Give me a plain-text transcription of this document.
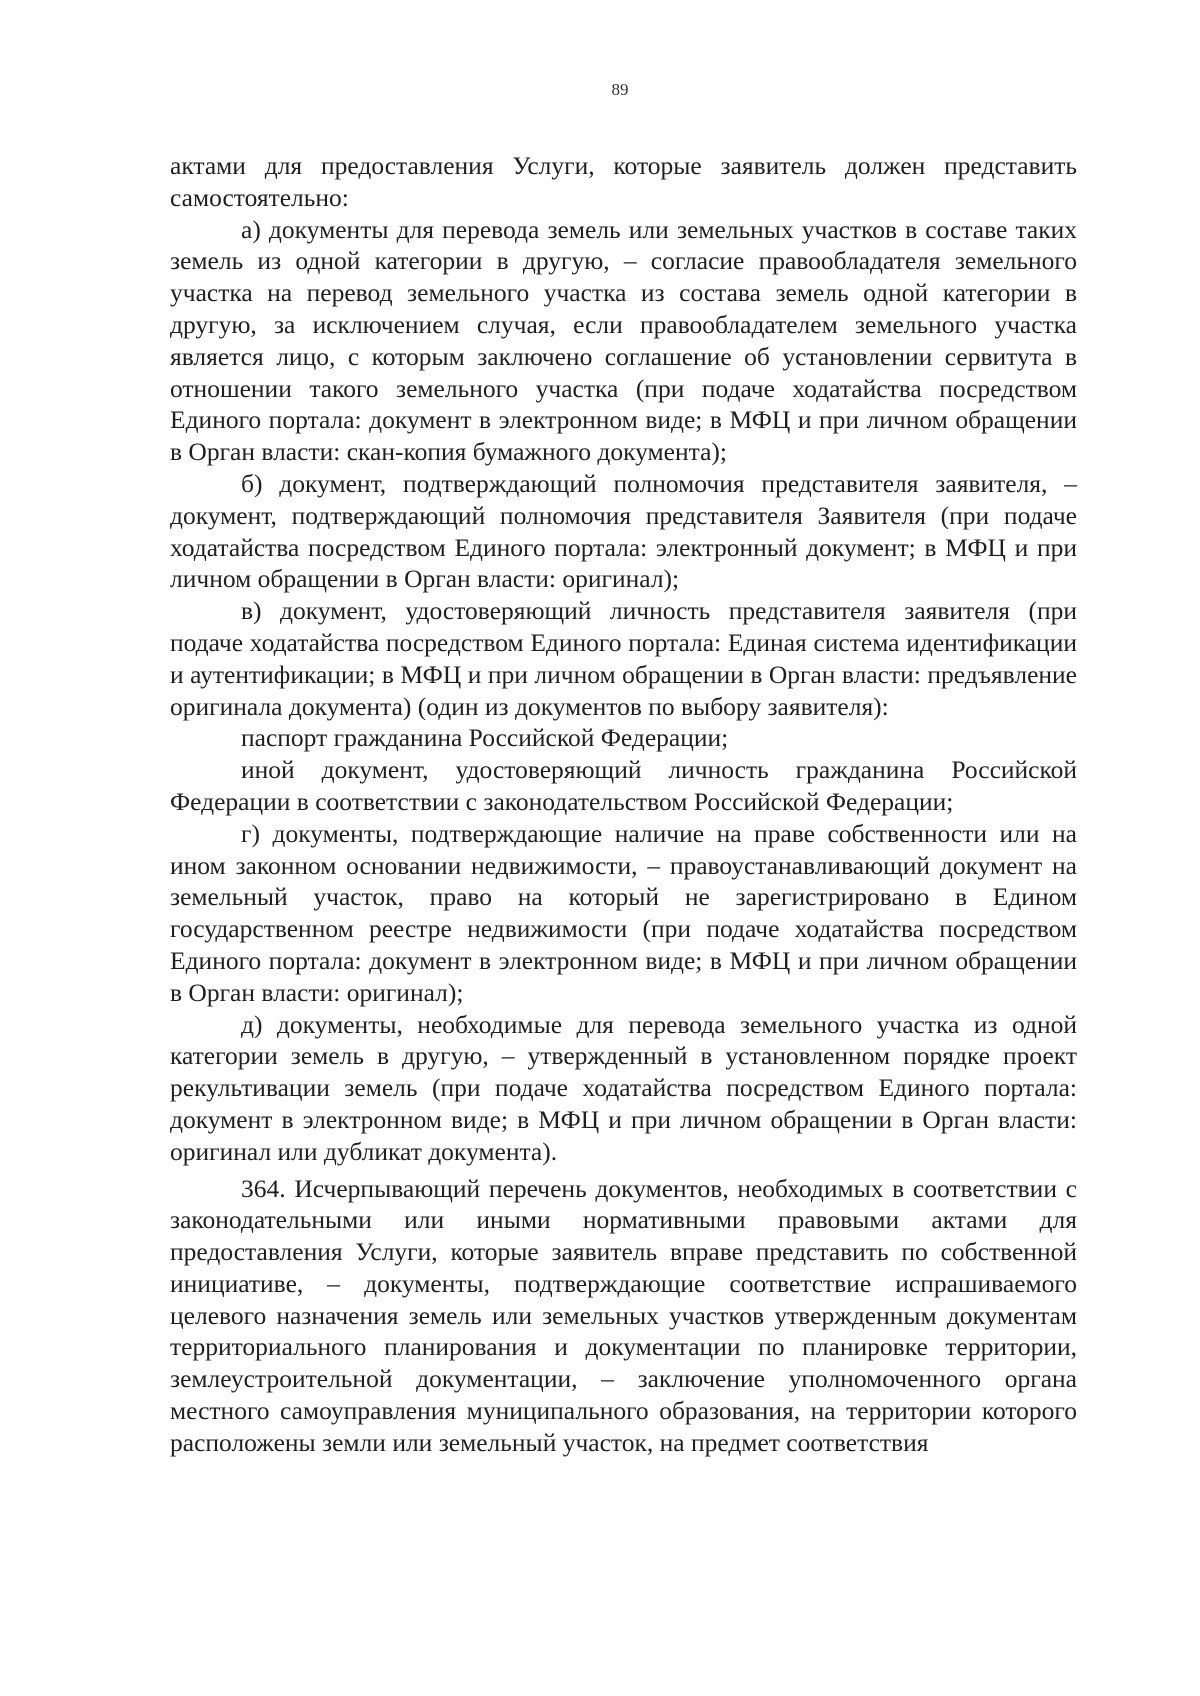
89

актами для предоставления Услуги, которые заявитель должен представить самостоятельно:

а) документы для перевода земель или земельных участков в составе таких земель из одной категории в другую, – согласие правообладателя земельного участка на перевод земельного участка из состава земель одной категории в другую, за исключением случая, если правообладателем земельного участка является лицо, с которым заключено соглашение об установлении сервитута в отношении такого земельного участка (при подаче ходатайства посредством Единого портала: документ в электронном виде; в МФЦ и при личном обращении в Орган власти: скан-копия бумажного документа);

б) документ, подтверждающий полномочия представителя заявителя, – документ, подтверждающий полномочия представителя Заявителя (при подаче ходатайства посредством Единого портала: электронный документ; в МФЦ и при личном обращении в Орган власти: оригинал);

в) документ, удостоверяющий личность представителя заявителя (при подаче ходатайства посредством Единого портала: Единая система идентификации и аутентификации; в МФЦ и при личном обращении в Орган власти: предъявление оригинала документа) (один из документов по выбору заявителя):

паспорт гражданина Российской Федерации;

иной документ, удостоверяющий личность гражданина Российской Федерации в соответствии с законодательством Российской Федерации;

г) документы, подтверждающие наличие на праве собственности или на ином законном основании недвижимости, – правоустанавливающий документ на земельный участок, право на который не зарегистрировано в Едином государственном реестре недвижимости (при подаче ходатайства посредством Единого портала: документ в электронном виде; в МФЦ и при личном обращении в Орган власти: оригинал);

д) документы, необходимые для перевода земельного участка из одной категории земель в другую, – утвержденный в установленном порядке проект рекультивации земель (при подаче ходатайства посредством Единого портала: документ в электронном виде; в МФЦ и при личном обращении в Орган власти: оригинал или дубликат документа).

364. Исчерпывающий перечень документов, необходимых в соответствии с законодательными или иными нормативными правовыми актами для предоставления Услуги, которые заявитель вправе представить по собственной инициативе, – документы, подтверждающие соответствие испрашиваемого целевого назначения земель или земельных участков утвержденным документам территориального планирования и документации по планировке территории, землеустроительной документации, – заключение уполномоченного органа местного самоуправления муниципального образования, на территории которого расположены земли или земельный участок, на предмет соответствия
